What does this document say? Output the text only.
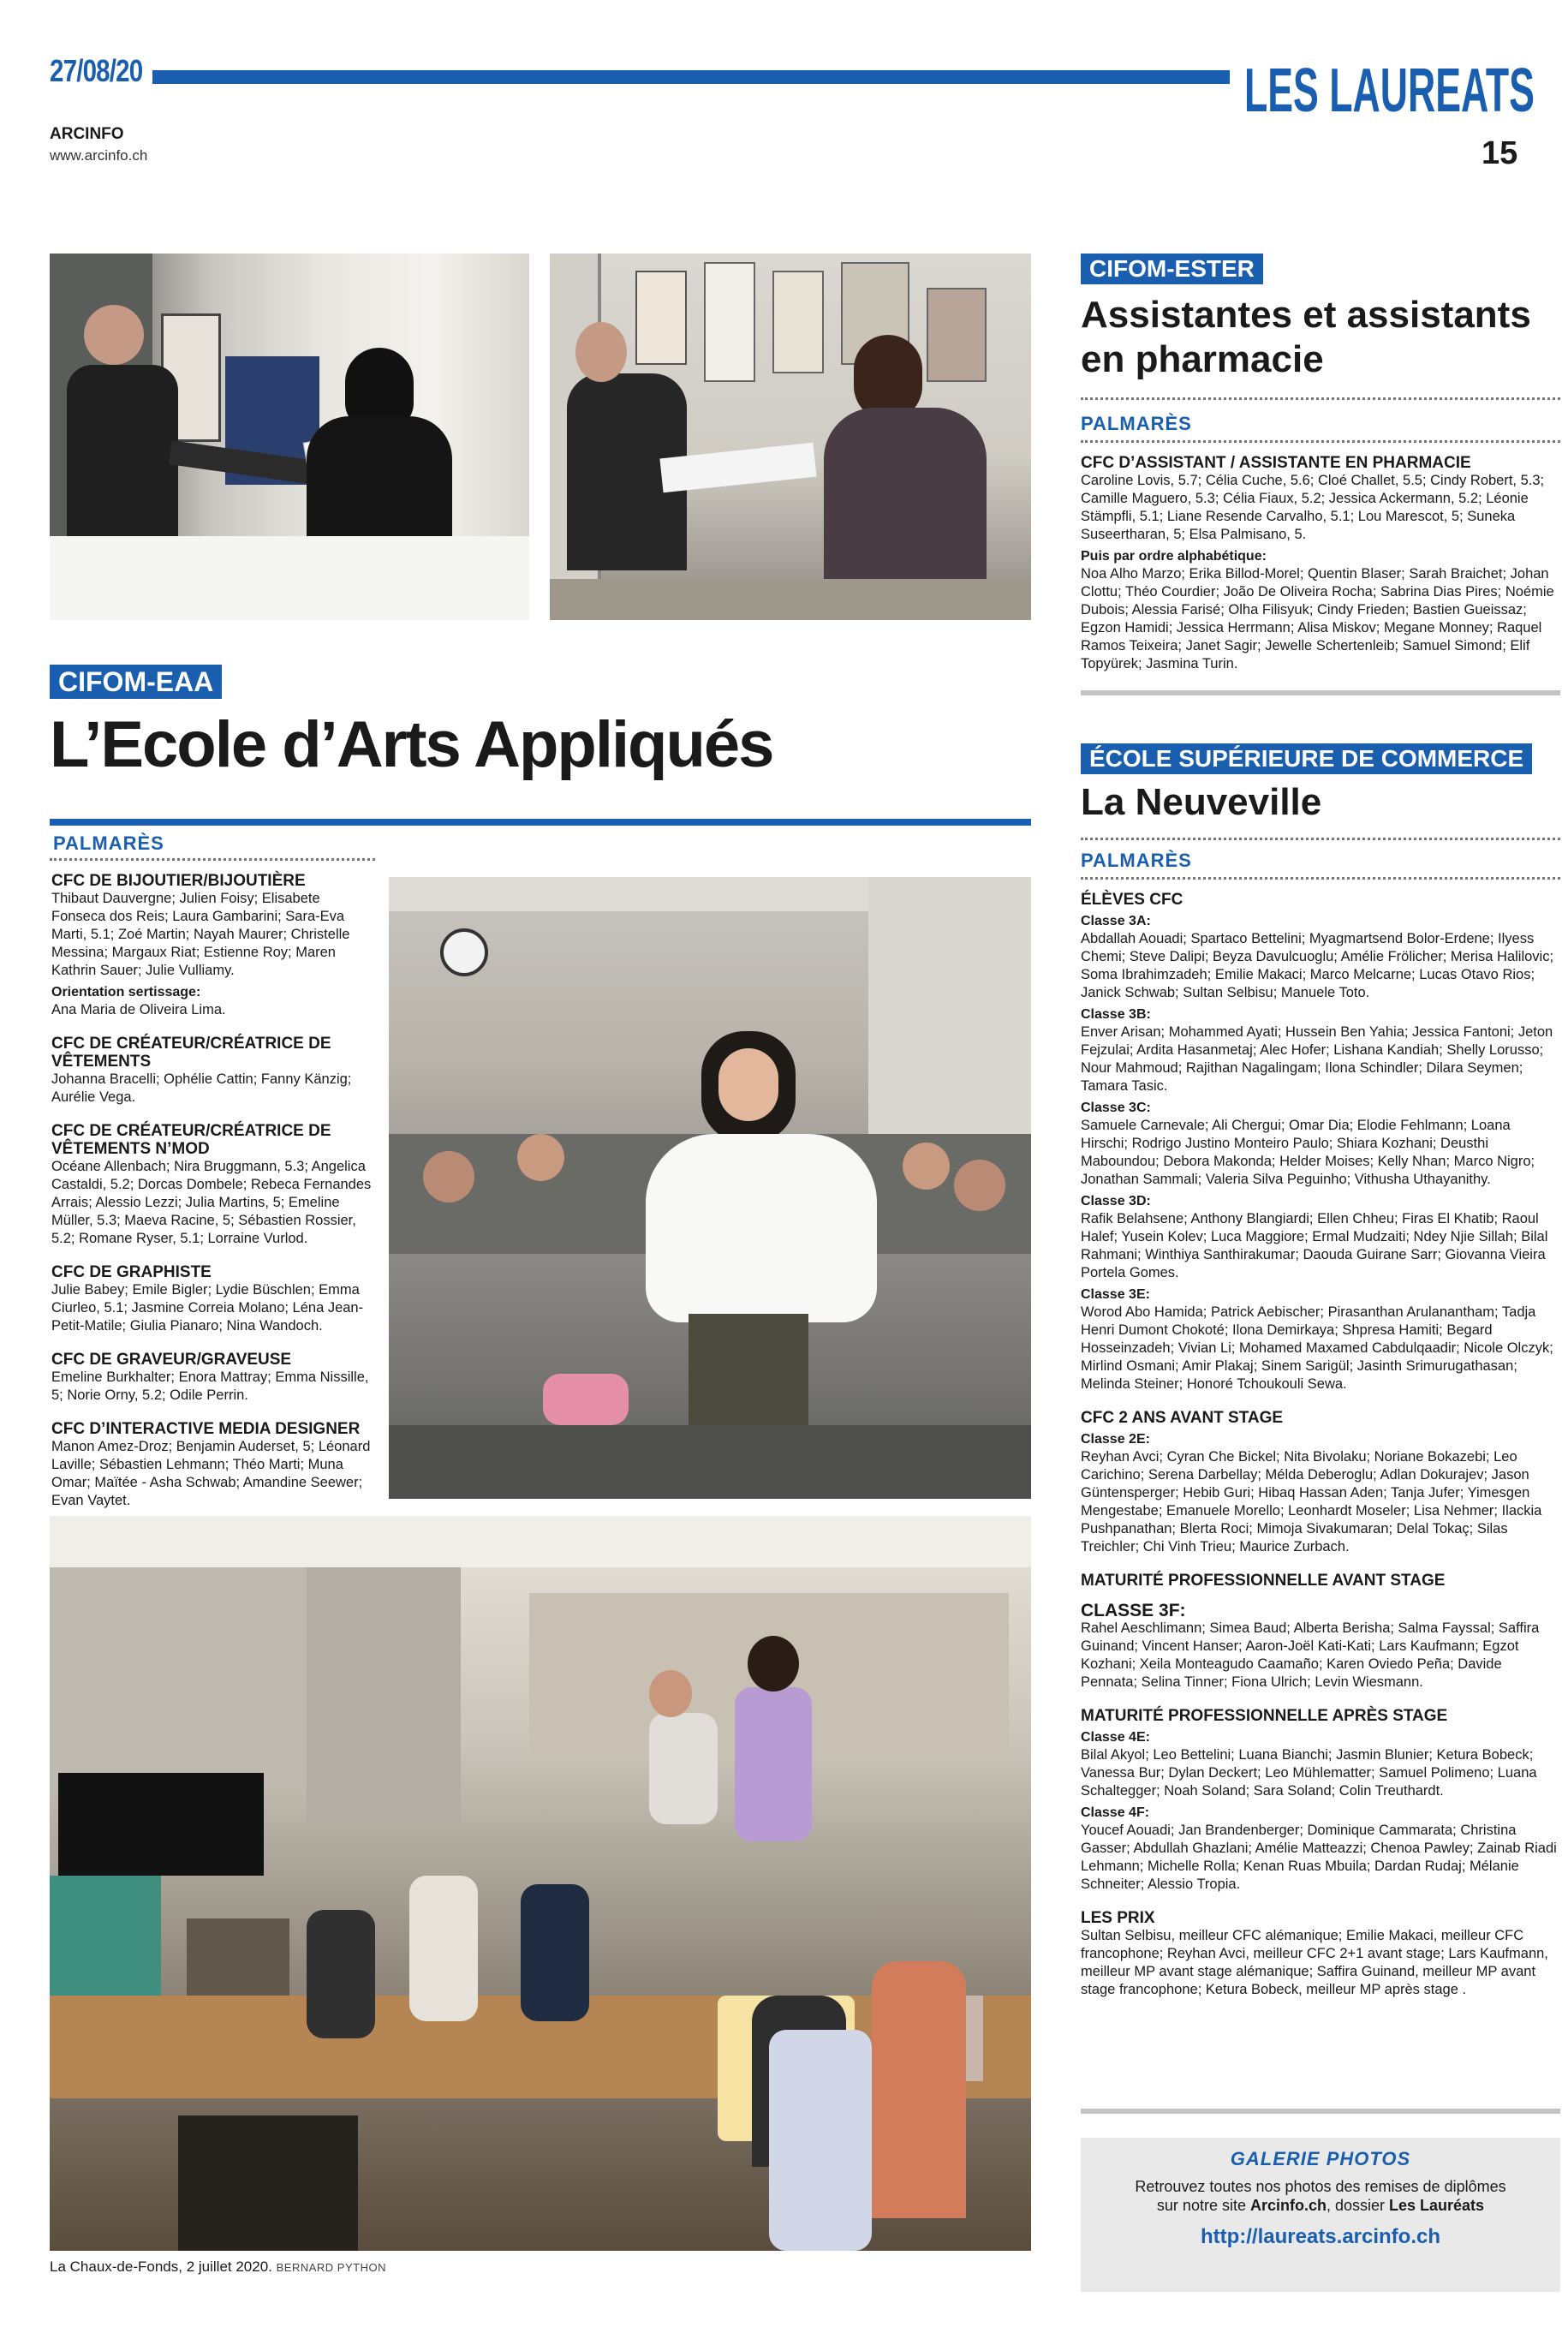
27/08/20	LES LAUREATS
ARCINFO
www.arcinfo.ch	15
CIFOM-EAA
L’Ecole d’Arts Appliqués
PALMARÈS
CFC DE BIJOUTIER/BIJOUTIÈRE

Thibaut Dauvergne; Julien Foisy; Elisabete Fonseca dos Reis; Laura Gambarini; Sara-Eva Marti, 5.1; Zoé Martin; Nayah Maurer; Christelle Messina; Margaux Riat; Estienne Roy; Maren Kathrin Sauer; Julie Vulliamy.

Orientation sertissage:

Ana Maria de Oliveira Lima.

CFC DE CRÉATEUR/CRÉATRICE DE VÊTEMENTS

Johanna Bracelli; Ophélie Cattin; Fanny Känzig; Aurélie Vega.

CFC DE CRÉATEUR/CRÉATRICE DE VÊTEMENTS N’MOD

Océane Allenbach; Nira Bruggmann, 5.3; Angelica Castaldi, 5.2; Dorcas Dombele; Rebeca Fernandes Arrais; Alessio Lezzi; Julia Martins, 5; Emeline Müller, 5.3; Maeva Racine, 5; Sébastien Rossier, 5.2; Romane Ryser, 5.1; Lorraine Vurlod.

CFC DE GRAPHISTE

Julie Babey; Emile Bigler; Lydie Büschlen; Emma Ciurleo, 5.1; Jasmine Correia Molano; Léna Jean-Petit-Matile; Giulia Pianaro; Nina Wandoch.

CFC DE GRAVEUR/GRAVEUSE

Emeline Burkhalter; Enora Mattray; Emma Nissille, 5; Norie Orny, 5.2; Odile Perrin.

CFC D’INTERACTIVE MEDIA DESIGNER

Manon Amez-Droz; Benjamin Auderset, 5; Léonard Laville; Sébastien Lehmann; Théo Marti; Muna Omar; Maïtée - Asha Schwab; Amandine Seewer; Evan Vaytet.

La Chaux-de-Fonds, 2 juillet 2020. BERNARD PYTHON
CIFOM-ESTER
Assistantes et assistants en pharmacie
PALMARÈS
CFC D’ASSISTANT / ASSISTANTE EN PHARMACIE

Caroline Lovis, 5.7; Célia Cuche, 5.6; Cloé Challet, 5.5; Cindy Robert, 5.3; Camille Maguero, 5.3; Célia Fiaux, 5.2; Jessica Ackermann, 5.2; Léonie Stämpfli, 5.1; Liane Resende Carvalho, 5.1; Lou Marescot, 5; Suneka Suseertharan, 5; Elsa Palmisano, 5.

Puis par ordre alphabétique:

Noa Alho Marzo; Erika Billod-Morel; Quentin Blaser; Sarah Braichet; Johan Clottu; Théo Courdier; João De Oliveira Rocha; Sabrina Dias Pires; Noémie Dubois; Alessia Farisé; Olha Filisyuk; Cindy Frieden; Bastien Gueissaz; Egzon Hamidi; Jessica Herrmann; Alisa Miskov; Megane Monney; Raquel Ramos Teixeira; Janet Sagir; Jewelle Schertenleib; Samuel Simond; Elif Topyürek; Jasmina Turin.

ÉCOLE SUPÉRIEURE DE COMMERCE
La Neuveville
PALMARÈS
ÉLÈVES CFC

Classe 3A:

Abdallah Aouadi; Spartaco Bettelini; Myagmartsend Bolor-Erdene; Ilyess Chemi; Steve Dalipi; Beyza Davulcuoglu; Amélie Frölicher; Merisa Halilovic; Soma Ibrahimzadeh; Emilie Makaci; Marco Melcarne; Lucas Otavo Rios; Janick Schwab; Sultan Selbisu; Manuele Toto.

Classe 3B:

Enver Arisan; Mohammed Ayati; Hussein Ben Yahia; Jessica Fantoni; Jeton Fejzulai; Ardita Hasanmetaj; Alec Hofer; Lishana Kandiah; Shelly Lorusso; Nour Mahmoud; Rajithan Nagalingam; Ilona Schindler; Dilara Seymen; Tamara Tasic.

Classe 3C:

Samuele Carnevale; Ali Chergui; Omar Dia; Elodie Fehlmann; Loana Hirschi; Rodrigo Justino Monteiro Paulo; Shiara Kozhani; Deusthi Maboundou; Debora Makonda; Helder Moises; Kelly Nhan; Marco Nigro; Jonathan Sammali; Valeria Silva Peguinho; Vithusha Uthayanithy.

Classe 3D:

Rafik Belahsene; Anthony Blangiardi; Ellen Chheu; Firas El Khatib; Raoul Halef; Yusein Kolev; Luca Maggiore; Ermal Mudzaiti; Ndey Njie Sillah; Bilal Rahmani; Winthiya Santhirakumar; Daouda Guirane Sarr; Giovanna Vieira Portela Gomes.

Classe 3E:

Worod Abo Hamida; Patrick Aebischer; Pirasanthan Arulanantham; Tadja Henri Dumont Chokoté; Ilona Demirkaya; Shpresa Hamiti; Begard Hosseinzadeh; Vivian Li; Mohamed Maxamed Cabdulqaadir; Nicole Olczyk; Mirlind Osmani; Amir Plakaj; Sinem Sarigül; Jasinth Srimurugathasan; Melinda Steiner; Honoré Tchoukouli Sewa.

CFC 2 ANS AVANT STAGE

Classe 2E:

Reyhan Avci; Cyran Che Bickel; Nita Bivolaku; Noriane Bokazebi; Leo Carichino; Serena Darbellay; Mélda Deberoglu; Adlan Dokurajev; Jason Güntensperger; Hebib Guri; Hibaq Hassan Aden; Tanja Jufer; Yimesgen Mengestabe; Emanuele Morello; Leonhardt Moseler; Lisa Nehmer; Ilackia Pushpanathan; Blerta Roci; Mimoja Sivakumaran; Delal Tokaç; Silas Treichler; Chi Vinh Trieu; Maurice Zurbach.

MATURITÉ PROFESSIONNELLE AVANT STAGE
CLASSE 3F:

Rahel Aeschlimann; Simea Baud; Alberta Berisha; Salma Fayssal; Saffira Guinand; Vincent Hanser; Aaron-Joël Kati-Kati; Lars Kaufmann; Egzot Kozhani; Xeila Monteagudo Caamaño; Karen Oviedo Peña; Davide Pennata; Selina Tinner; Fiona Ulrich; Levin Wiesmann.

MATURITÉ PROFESSIONNELLE APRÈS STAGE

Classe 4E:

Bilal Akyol; Leo Bettelini; Luana Bianchi; Jasmin Blunier; Ketura Bobeck; Vanessa Bur; Dylan Deckert; Leo Mühlematter; Samuel Polimeno; Luana Schaltegger; Noah Soland; Sara Soland; Colin Treuthardt.

Classe 4F:

Youcef Aouadi; Jan Brandenberger; Dominique Cammarata; Christina Gasser; Abdullah Ghazlani; Amélie Matteazzi; Chenoa Pawley; Zainab Riadi Lehmann; Michelle Rolla; Kenan Ruas Mbuila; Dardan Rudaj; Mélanie Schneiter; Alessio Tropia.

LES PRIX

Sultan Selbisu, meilleur CFC alémanique; Emilie Makaci, meilleur CFC francophone; Reyhan Avci, meilleur CFC 2+1 avant stage; Lars Kaufmann, meilleur MP avant stage alémanique; Saffira Guinand, meilleur MP avant stage francophone; Ketura Bobeck, meilleur MP après stage .

GALERIE PHOTOS
Retrouvez toutes nos photos des remises de diplômes
sur notre site Arcinfo.ch, dossier Les Lauréats
http://laureats.arcinfo.ch
